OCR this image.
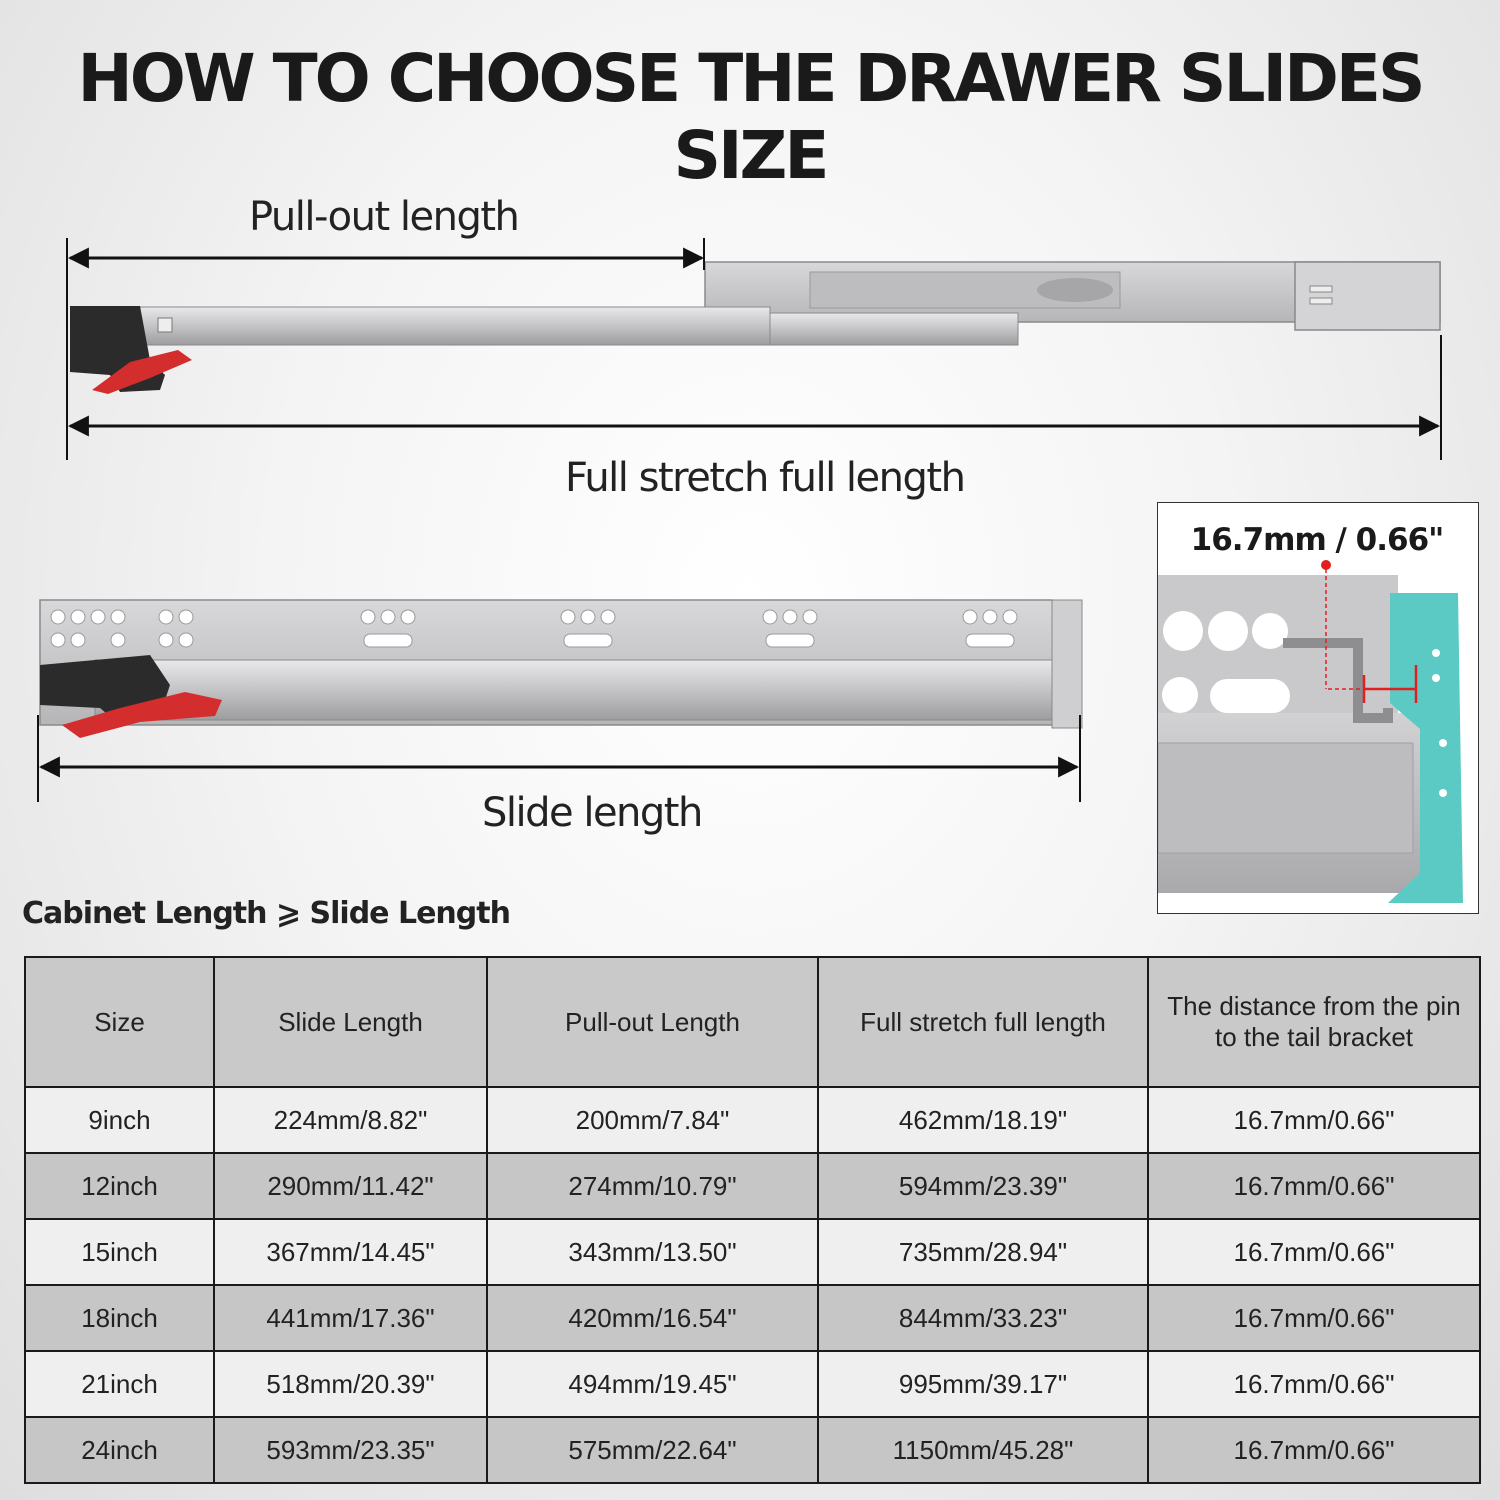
HOW TO CHOOSE THE DRAWER SLIDES SIZE
Pull-out length
Full stretch full length
Slide length
16.7mm / 0.66"
Cabinet Length ⩾ Slide Length
Size	Slide Length	Pull-out Length	Full stretch full length	The distance from the pin to the tail bracket
9inch	224mm/8.82"	200mm/7.84"	462mm/18.19"	16.7mm/0.66"
12inch	290mm/11.42"	274mm/10.79"	594mm/23.39"	16.7mm/0.66"
15inch	367mm/14.45"	343mm/13.50"	735mm/28.94"	16.7mm/0.66"
18inch	441mm/17.36"	420mm/16.54"	844mm/33.23"	16.7mm/0.66"
21inch	518mm/20.39"	494mm/19.45"	995mm/39.17"	16.7mm/0.66"
24inch	593mm/23.35"	575mm/22.64"	1150mm/45.28"	16.7mm/0.66"
